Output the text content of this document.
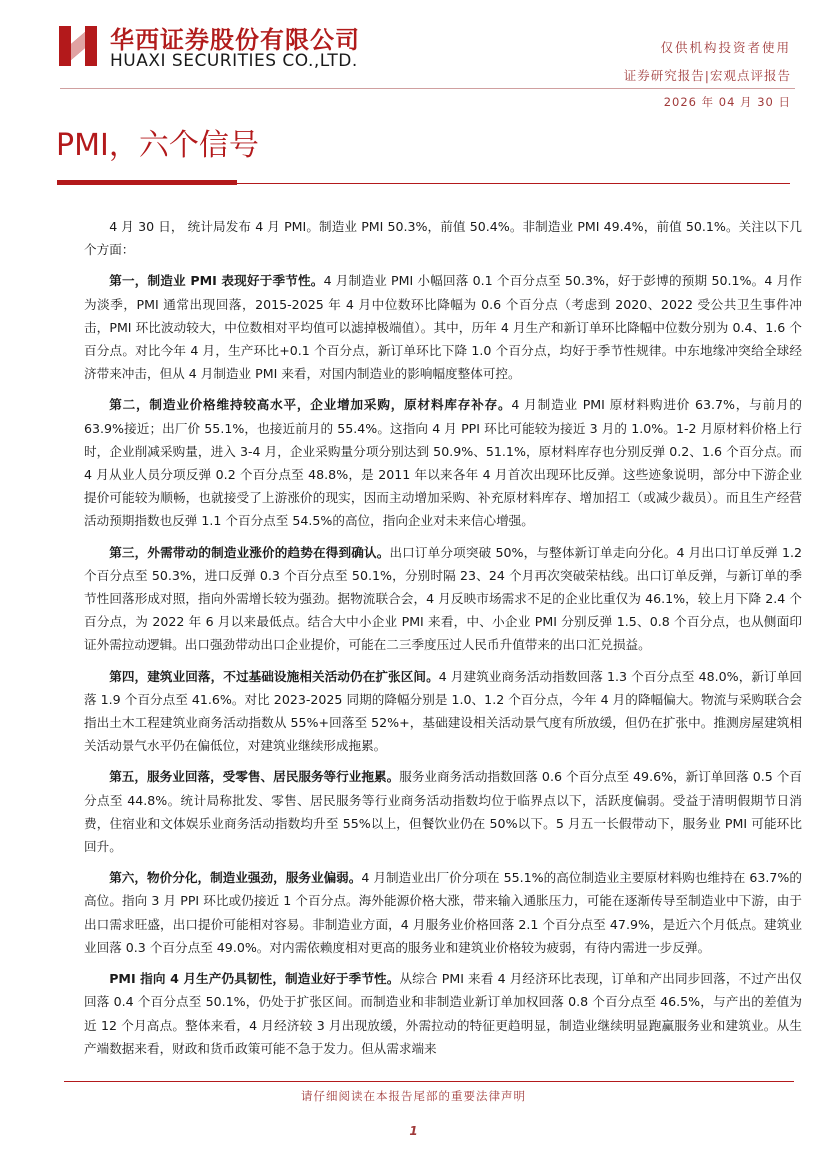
华西证券股份有限公司
HUAXI SECURITIES CO.,LTD.
仅供机构投资者使用
证券研究报告|宏观点评报告
2026 年 04 月 30 日
PMI，六个信号

4 月 30 日， 统计局发布 4 月 PMI。制造业 PMI 50.3%，前值 50.4%。非制造业 PMI 49.4%，前值 50.1%。关注以下几个方面：

第一，制造业 PMI 表现好于季节性。4 月制造业 PMI 小幅回落 0.1 个百分点至 50.3%，好于彭博的预期 50.1%。4 月作为淡季，PMI 通常出现回落，2015-2025 年 4 月中位数环比降幅为 0.6 个百分点（考虑到 2020、2022 受公共卫生事件冲击，PMI 环比波动较大，中位数相对平均值可以滤掉极端值）。其中，历年 4 月生产和新订单环比降幅中位数分别为 0.4、1.6 个百分点。对比今年 4 月，生产环比+0.1 个百分点，新订单环比下降 1.0 个百分点，均好于季节性规律。中东地缘冲突给全球经济带来冲击，但从 4 月制造业 PMI 来看，对国内制造业的影响幅度整体可控。

第二，制造业价格维持较高水平，企业增加采购，原材料库存补存。4 月制造业 PMI 原材料购进价 63.7%，与前月的 63.9%接近；出厂价 55.1%，也接近前月的 55.4%。这指向 4 月 PPI 环比可能较为接近 3 月的 1.0%。1-2 月原材料价格上行时，企业削减采购量，进入 3-4 月，企业采购量分项分别达到 50.9%、51.1%，原材料库存也分别反弹 0.2、1.6 个百分点。而 4 月从业人员分项反弹 0.2 个百分点至 48.8%，是 2011 年以来各年 4 月首次出现环比反弹。这些迹象说明，部分中下游企业提价可能较为顺畅，也就接受了上游涨价的现实，因而主动增加采购、补充原材料库存、增加招工（或减少裁员）。而且生产经营活动预期指数也反弹 1.1 个百分点至 54.5%的高位，指向企业对未来信心增强。

第三，外需带动的制造业涨价的趋势在得到确认。出口订单分项突破 50%，与整体新订单走向分化。4 月出口订单反弹 1.2 个百分点至 50.3%，进口反弹 0.3 个百分点至 50.1%，分别时隔 23、24 个月再次突破荣枯线。出口订单反弹，与新订单的季节性回落形成对照，指向外需增长较为强劲。据物流联合会，4 月反映市场需求不足的企业比重仅为 46.1%，较上月下降 2.4 个百分点，为 2022 年 6 月以来最低点。结合大中小企业 PMI 来看，中、小企业 PMI 分别反弹 1.5、0.8 个百分点，也从侧面印证外需拉动逻辑。出口强劲带动出口企业提价，可能在二三季度压过人民币升值带来的出口汇兑损益。

第四，建筑业回落，不过基础设施相关活动仍在扩张区间。4 月建筑业商务活动指数回落 1.3 个百分点至 48.0%，新订单回落 1.9 个百分点至 41.6%。对比 2023-2025 同期的降幅分别是 1.0、1.2 个百分点，今年 4 月的降幅偏大。物流与采购联合会指出土木工程建筑业商务活动指数从 55%+回落至 52%+，基础建设相关活动景气度有所放缓，但仍在扩张中。推测房屋建筑相关活动景气水平仍在偏低位，对建筑业继续形成拖累。

第五，服务业回落，受零售、居民服务等行业拖累。服务业商务活动指数回落 0.6 个百分点至 49.6%，新订单回落 0.5 个百分点至 44.8%。统计局称批发、零售、居民服务等行业商务活动指数均位于临界点以下，活跃度偏弱。受益于清明假期节日消费，住宿业和文体娱乐业商务活动指数均升至 55%以上，但餐饮业仍在 50%以下。5 月五一长假带动下，服务业 PMI 可能环比回升。

第六，物价分化，制造业强劲，服务业偏弱。4 月制造业出厂价分项在 55.1%的高位制造业主要原材料购也维持在 63.7%的高位。指向 3 月 PPI 环比或仍接近 1 个百分点。海外能源价格大涨，带来输入通胀压力，可能在逐渐传导至制造业中下游，由于出口需求旺盛，出口提价可能相对容易。非制造业方面，4 月服务业价格回落 2.1 个百分点至 47.9%，是近六个月低点。建筑业业回落 0.3 个百分点至 49.0%。对内需依赖度相对更高的服务业和建筑业价格较为疲弱，有待内需进一步反弹。

PMI 指向 4 月生产仍具韧性，制造业好于季节性。从综合 PMI 来看 4 月经济环比表现，订单和产出同步回落，不过产出仅回落 0.4 个百分点至 50.1%，仍处于扩张区间。而制造业和非制造业新订单加权回落 0.8 个百分点至 46.5%，与产出的差值为近 12 个月高点。整体来看，4 月经济较 3 月出现放缓，外需拉动的特征更趋明显，制造业继续明显跑赢服务业和建筑业。从生产端数据来看，财政和货币政策可能不急于发力。但从需求端来

请仔细阅读在本报告尾部的重要法律声明
1
